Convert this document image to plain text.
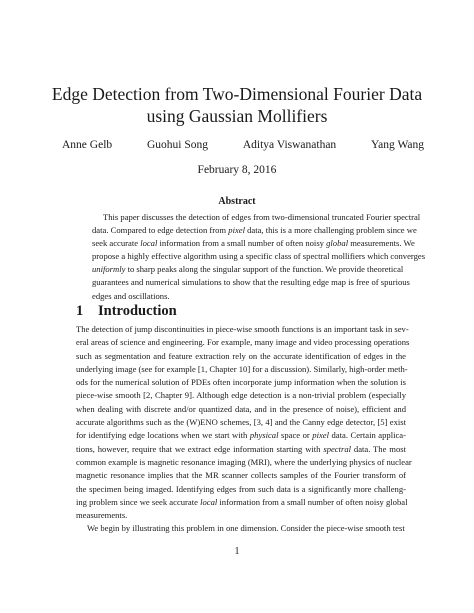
Edge Detection from Two-Dimensional Fourier Data using Gaussian Mollifiers
Anne Gelb	Guohui Song	Aditya Viswanathan	Yang Wang
February 8, 2016
Abstract
This paper discusses the detection of edges from two-dimensional truncated Fourier spectral
data. Compared to edge detection from pixel data, this is a more challenging problem since we
seek accurate local information from a small number of often noisy global measurements. We
propose a highly effective algorithm using a specific class of spectral mollifiers which converges
uniformly to sharp peaks along the singular support of the function. We provide theoretical
guarantees and numerical simulations to show that the resulting edge map is free of spurious
edges and oscillations.
1 Introduction
The detection of jump discontinuities in piece-wise smooth functions is an important task in sev-
eral areas of science and engineering. For example, many image and video processing operations
such as segmentation and feature extraction rely on the accurate identification of edges in the
underlying image (see for example [1, Chapter 10] for a discussion). Similarly, high-order meth-
ods for the numerical solution of PDEs often incorporate jump information when the solution is
piece-wise smooth [2, Chapter 9]. Although edge detection is a non-trivial problem (especially
when dealing with discrete and/or quantized data, and in the presence of noise), efficient and
accurate algorithms such as the (W)ENO schemes, [3, 4] and the Canny edge detector, [5] exist
for identifying edge locations when we start with physical space or pixel data. Certain applica-
tions, however, require that we extract edge information starting with spectral data. The most
common example is magnetic resonance imaging (MRI), where the underlying physics of nuclear
magnetic resonance implies that the MR scanner collects samples of the Fourier transform of
the specimen being imaged. Identifying edges from such data is a significantly more challeng-
ing problem since we seek accurate local information from a small number of often noisy global
measurements.
We begin by illustrating this problem in one dimension. Consider the piece-wise smooth test
1
